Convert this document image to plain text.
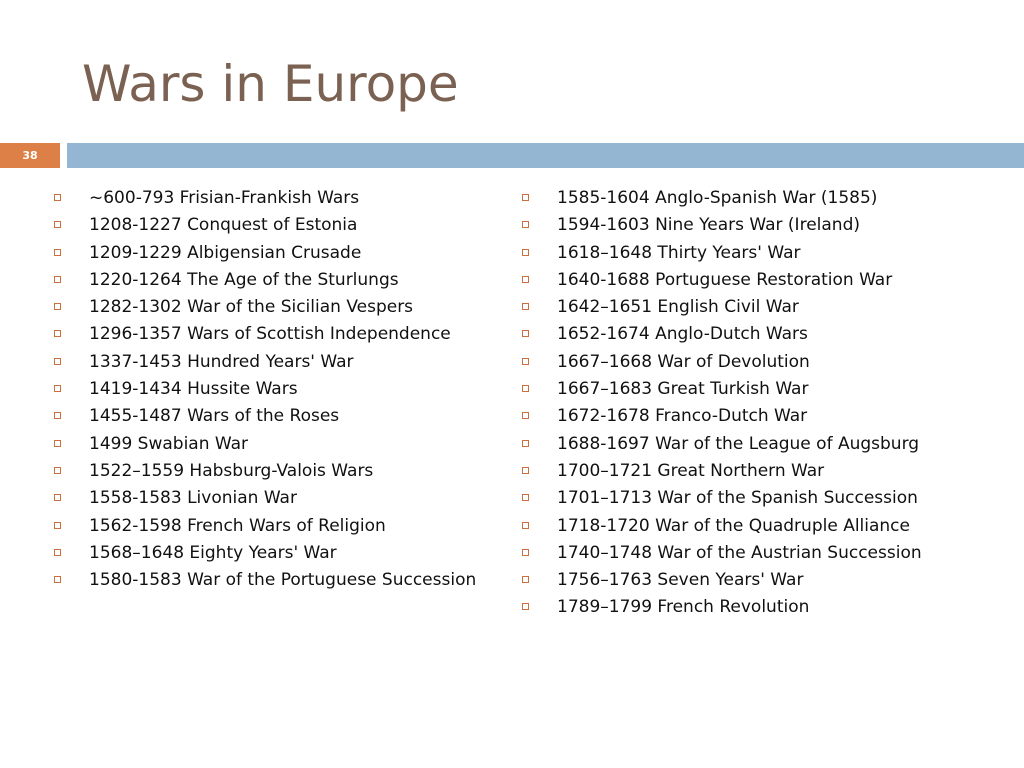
Wars in Europe
38
~600-793 Frisian-Frankish Wars
1208-1227 Conquest of Estonia
1209-1229 Albigensian Crusade
1220-1264 The Age of the Sturlungs
1282-1302 War of the Sicilian Vespers
1296-1357 Wars of Scottish Independence
1337-1453 Hundred Years' War
1419-1434 Hussite Wars
1455-1487 Wars of the Roses
1499 Swabian War
1522–1559 Habsburg-Valois Wars
1558-1583 Livonian War
1562-1598 French Wars of Religion
1568–1648 Eighty Years' War
1580-1583 War of the Portuguese Succession
1585-1604 Anglo-Spanish War (1585)
1594-1603 Nine Years War (Ireland)
1618–1648 Thirty Years' War
1640-1688 Portuguese Restoration War
1642–1651 English Civil War
1652-1674 Anglo-Dutch Wars
1667–1668 War of Devolution
1667–1683 Great Turkish War
1672-1678 Franco-Dutch War
1688-1697 War of the League of Augsburg
1700–1721 Great Northern War
1701–1713 War of the Spanish Succession
1718-1720 War of the Quadruple Alliance
1740–1748 War of the Austrian Succession
1756–1763 Seven Years' War
1789–1799 French Revolution
